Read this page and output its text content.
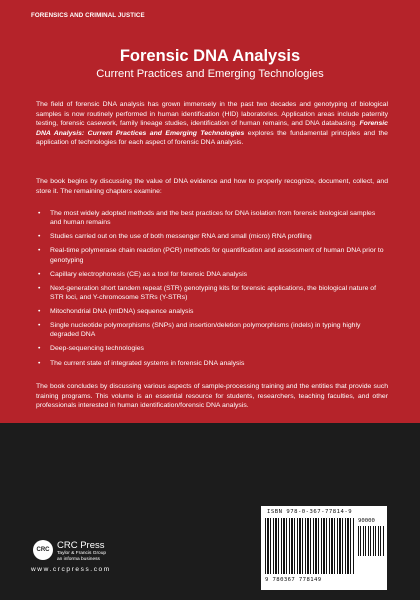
FORENSICS AND CRIMINAL JUSTICE
Forensic DNA Analysis
Current Practices and Emerging Technologies

The field of forensic DNA analysis has grown immensely in the past two decades and genotyping of biological samples is now routinely performed in human identification (HID) laboratories. Application areas include paternity testing, forensic casework, family lineage studies, identification of human remains, and DNA databasing. Forensic DNA Analysis: Current Practices and Emerging Technologies explores the fundamental principles and the application of technologies for each aspect of forensic DNA analysis.

The book begins by discussing the value of DNA evidence and how to properly recognize, document, collect, and store it. The remaining chapters examine:

• The most widely adopted methods and the best practices for DNA isolation from forensic biological samples and human remains
• Studies carried out on the use of both messenger RNA and small (micro) RNA profiling
• Real-time polymerase chain reaction (PCR) methods for quantification and assessment of human DNA prior to genotyping
• Capillary electrophoresis (CE) as a tool for forensic DNA analysis
• Next-generation short tandem repeat (STR) genotyping kits for forensic applications, the biological nature of STR loci, and Y-chromosome STRs (Y-STRs)
• Mitochondrial DNA (mtDNA) sequence analysis
• Single nucleotide polymorphisms (SNPs) and insertion/deletion polymorphisms (indels) in typing highly degraded DNA
• Deep-sequencing technologies
• The current state of integrated systems in forensic DNA analysis

The book concludes by discussing various aspects of sample-processing training and the entities that provide such training programs. This volume is an essential resource for students, researchers, teaching faculties, and other professionals interested in human identification/forensic DNA analysis.

CRC CRC Press
Taylor & Francis Group
an informa business
www.crcpress.com
ISBN 978-0-367-77814-9
90000
9 780367 778149
